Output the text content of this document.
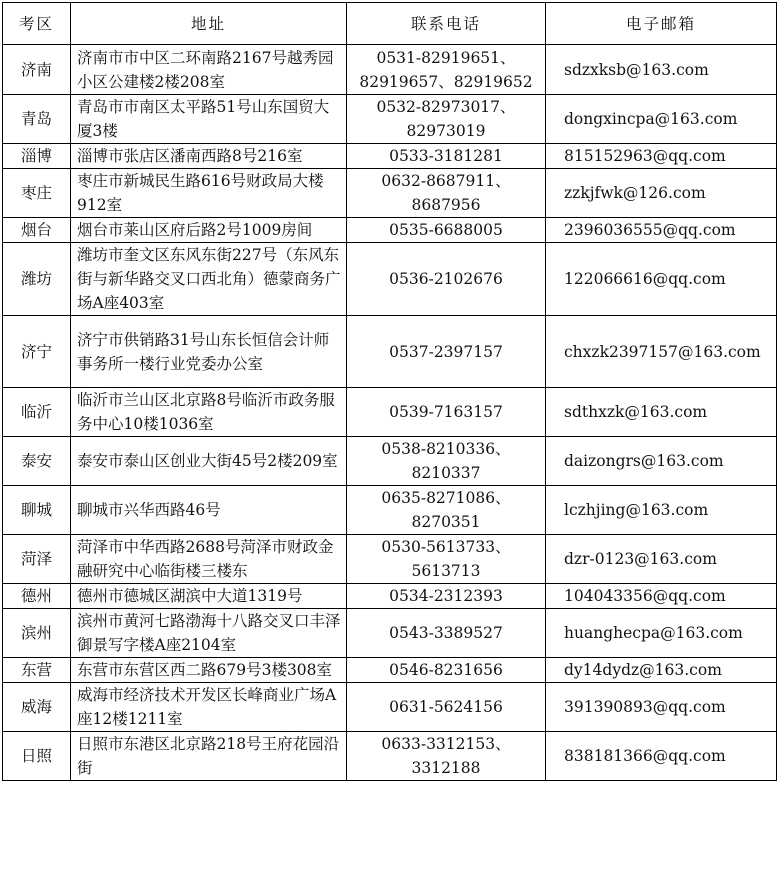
考区	地址	联系电话	电子邮箱
济南	济南市市中区二环南路2167号越秀园小区公建楼2楼208室	0531-82919651、82919657、82919652	sdzxksb@163.com
青岛	青岛市市南区太平路51号山东国贸大厦3楼	0532-82973017、82973019	dongxincpa@163.com
淄博	淄博市张店区潘南西路8号216室	0533-3181281	815152963@qq.com
枣庄	枣庄市新城民生路616号财政局大楼912室	0632-8687911、8687956	zzkjfwk@126.com
烟台	烟台市莱山区府后路2号1009房间	0535-6688005	2396036555@qq.com
潍坊	潍坊市奎文区东风东街227号（东风东街与新华路交叉口西北角）德蒙商务广场A座403室	0536-2102676	122066616@qq.com
济宁	济宁市供销路31号山东长恒信会计师事务所一楼行业党委办公室	0537-2397157	chxzk2397157@163.com
临沂	临沂市兰山区北京路8号临沂市政务服务中心10楼1036室	0539-7163157	sdthxzk@163.com
泰安	泰安市泰山区创业大街45号2楼209室	0538-8210336、8210337	daizongrs@163.com
聊城	聊城市兴华西路46号	0635-8271086、8270351	lczhjing@163.com
菏泽	菏泽市中华西路2688号菏泽市财政金融研究中心临街楼三楼东	0530-5613733、5613713	dzr-0123@163.com
德州	德州市德城区湖滨中大道1319号	0534-2312393	104043356@qq.com
滨州	滨州市黄河七路渤海十八路交叉口丰泽御景写字楼A座2104室	0543-3389527	huanghecpa@163.com
东营	东营市东营区西二路679号3楼308室	0546-8231656	dy14dydz@163.com
威海	威海市经济技术开发区长峰商业广场A座12楼1211室	0631-5624156	391390893@qq.com
日照	日照市东港区北京路218号王府花园沿街	0633-3312153、3312188	838181366@qq.com
